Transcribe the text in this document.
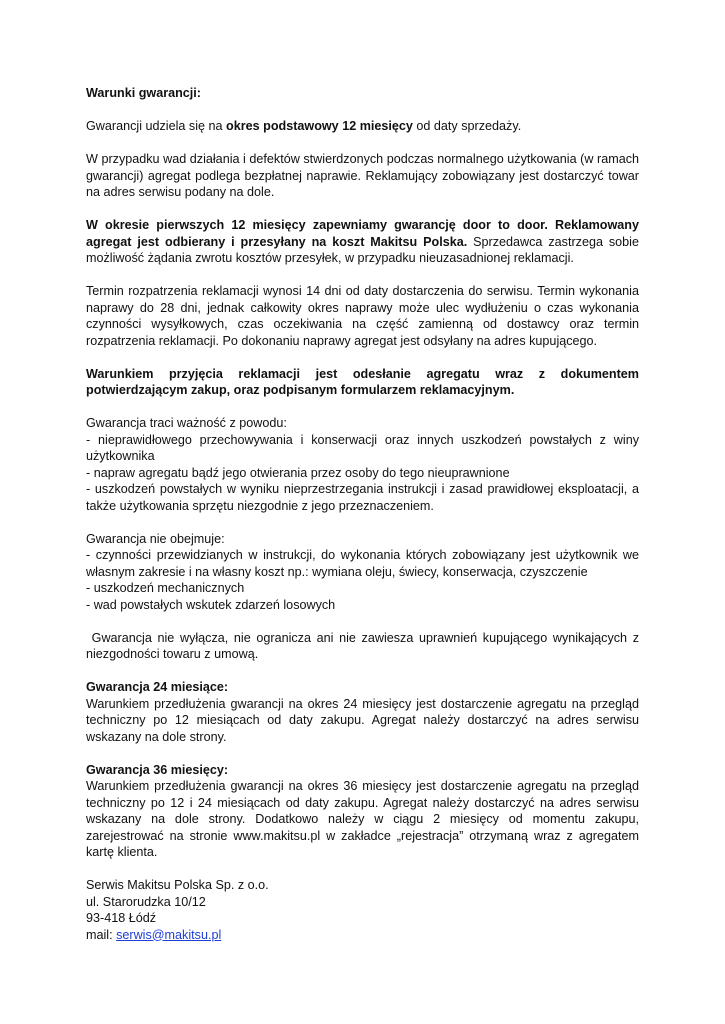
Warunki gwarancji:

Gwarancji udziela się na okres podstawowy 12 miesięcy od daty sprzedaży.

W przypadku wad działania i defektów stwierdzonych podczas normalnego użytkowania (w ramach gwarancji) agregat podlega bezpłatnej naprawie. Reklamujący zobowiązany jest dostarczyć towar na adres serwisu podany na dole.

W okresie pierwszych 12 miesięcy zapewniamy gwarancję door to door. Reklamowany agregat jest odbierany i przesyłany na koszt Makitsu Polska. Sprzedawca zastrzega sobie możliwość żądania zwrotu kosztów przesyłek, w przypadku nieuzasadnionej reklamacji.

Termin rozpatrzenia reklamacji wynosi 14 dni od daty dostarczenia do serwisu. Termin wykonania naprawy do 28 dni, jednak całkowity okres naprawy może ulec wydłużeniu o czas wykonania czynności wysyłkowych, czas oczekiwania na część zamienną od dostawcy oraz termin rozpatrzenia reklamacji. Po dokonaniu naprawy agregat jest odsyłany na adres kupującego.

Warunkiem przyjęcia reklamacji jest odesłanie agregatu wraz z dokumentem potwierdzającym zakup, oraz podpisanym formularzem reklamacyjnym.

Gwarancja traci ważność z powodu:
- nieprawidłowego przechowywania i konserwacji oraz innych uszkodzeń powstałych z winy użytkownika
- napraw agregatu bądź jego otwierania przez osoby do tego nieuprawnione
- uszkodzeń powstałych w wyniku nieprzestrzegania instrukcji i zasad prawidłowej eksploatacji, a także użytkowania sprzętu niezgodnie z jego przeznaczeniem.

Gwarancja nie obejmuje:
- czynności przewidzianych w instrukcji, do wykonania których zobowiązany jest użytkownik we własnym zakresie i na własny koszt np.: wymiana oleju, świecy, konserwacja, czyszczenie
- uszkodzeń mechanicznych
- wad powstałych wskutek zdarzeń losowych

Gwarancja nie wyłącza, nie ogranicza ani nie zawiesza uprawnień kupującego wynikających z niezgodności towaru z umową.

Gwarancja 24 miesiące:
Warunkiem przedłużenia gwarancji na okres 24 miesięcy jest dostarczenie agregatu na przegląd techniczny po 12 miesiącach od daty zakupu. Agregat należy dostarczyć na adres serwisu wskazany na dole strony.

Gwarancja 36 miesięcy:
Warunkiem przedłużenia gwarancji na okres 36 miesięcy jest dostarczenie agregatu na przegląd techniczny po 12 i 24 miesiącach od daty zakupu. Agregat należy dostarczyć na adres serwisu wskazany na dole strony. Dodatkowo należy w ciągu 2 miesięcy od momentu zakupu, zarejestrować na stronie www.makitsu.pl w zakładce „rejestracja” otrzymaną wraz z agregatem kartę klienta.

Serwis Makitsu Polska Sp. z o.o.
ul. Starorudzka 10/12
93-418 Łódź
mail: serwis@makitsu.pl
